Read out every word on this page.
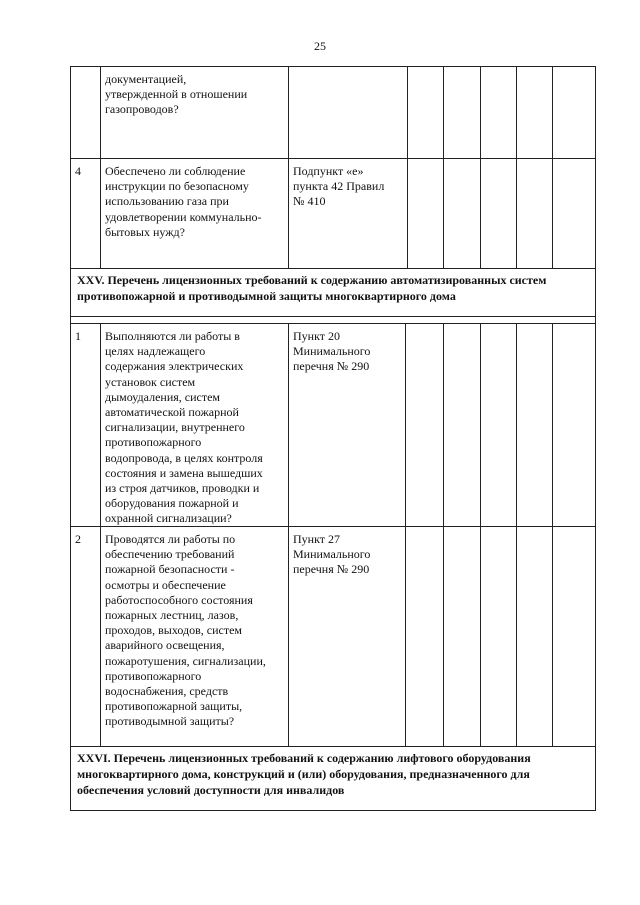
25
документацией,
утвержденной в отношении
газопроводов?
4 Обеспечено ли соблюдение
инструкции по безопасному
использованию газа при
удовлетворении коммунально-
бытовых нужд?
Подпункт «е»
пункта 42 Правил
№ 410
XXV. Перечень лицензионных требований к содержанию автоматизированных систем противопожарной и противодымной защиты многоквартирного дома
1 Выполняются ли работы в
целях надлежащего
содержания электрических
установок систем
дымоудаления, систем
автоматической пожарной
сигнализации, внутреннего
противопожарного
водопровода, в целях контроля
состояния и замена вышедших
из строя датчиков, проводки и
оборудования пожарной и
охранной сигнализации?
Пункт 20
Минимального
перечня № 290
2 Проводятся ли работы по
обеспечению требований
пожарной безопасности -
осмотры и обеспечение
работоспособного состояния
пожарных лестниц, лазов,
проходов, выходов, систем
аварийного освещения,
пожаротушения, сигнализации,
противопожарного
водоснабжения, средств
противопожарной защиты,
противодымной защиты?
Пункт 27
Минимального
перечня № 290
XXVI. Перечень лицензионных требований к содержанию лифтового оборудования многоквартирного дома, конструкций и (или) оборудования, предназначенного для обеспечения условий доступности для инвалидов
